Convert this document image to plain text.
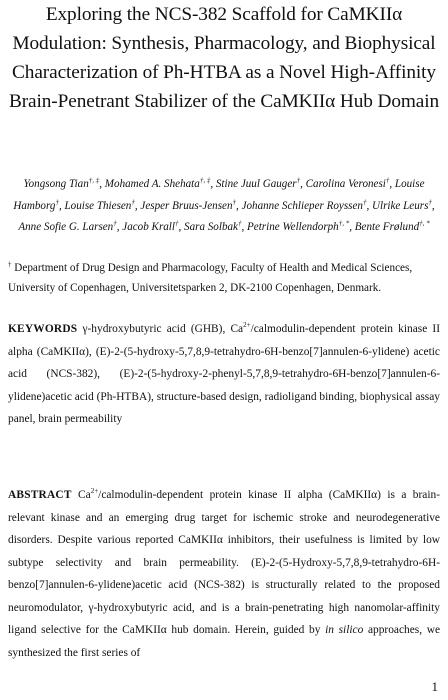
Exploring the NCS-382 Scaffold for CaMKIIα Modulation: Synthesis, Pharmacology, and Biophysical Characterization of Ph-HTBA as a Novel High-Affinity Brain-Penetrant Stabilizer of the CaMKIIα Hub Domain

Yongsong Tian†, ‡, Mohamed A. Shehata†, ‡, Stine Juul Gauger†, Carolina Veronesi†, Louise Hamborg†, Louise Thiesen†, Jesper Bruus-Jensen†, Johanne Schlieper Royssen†, Ulrike Leurs†, Anne Sofie G. Larsen†, Jacob Krall†, Sara Solbak†, Petrine Wellendorph†, *, Bente Frølund†, *

† Department of Drug Design and Pharmacology, Faculty of Health and Medical Sciences, University of Copenhagen, Universitetsparken 2, DK-2100 Copenhagen, Denmark.

KEYWORDS γ-hydroxybutyric acid (GHB), $Ca^{2+}/calmodulin$-dependent protein kinase II alpha (CaMKIIα), (E)-2-(5-hydroxy-5,7,8,9-tetrahydro-6H-benzo[7]annulen-6-ylidene) acetic acid (NCS-382), (E)-2-(5-hydroxy-2-phenyl-5,7,8,9-tetrahydro-6H-benzo[7]annulen-6-ylidene)acetic acid (Ph-HTBA), structure-based design, radioligand binding, biophysical assay panel, brain permeability

ABSTRACT $Ca^{2+}/calmodulin$-dependent protein kinase II alpha (CaMKIIα) is a brain-relevant kinase and an emerging drug target for ischemic stroke and neurodegenerative disorders. Despite various reported CaMKIIα inhibitors, their usefulness is limited by low subtype selectivity and brain permeability. (E)-2-(5-Hydroxy-5,7,8,9-tetrahydro-6H-benzo[7]annulen-6-ylidene)acetic acid (NCS-382) is structurally related to the proposed neuromodulator, γ-hydroxybutyric acid, and is a brain-penetrating high nanomolar-affinity ligand selective for the CaMKIIα hub domain. Herein, guided by in silico approaches, we synthesized the first series of

1
